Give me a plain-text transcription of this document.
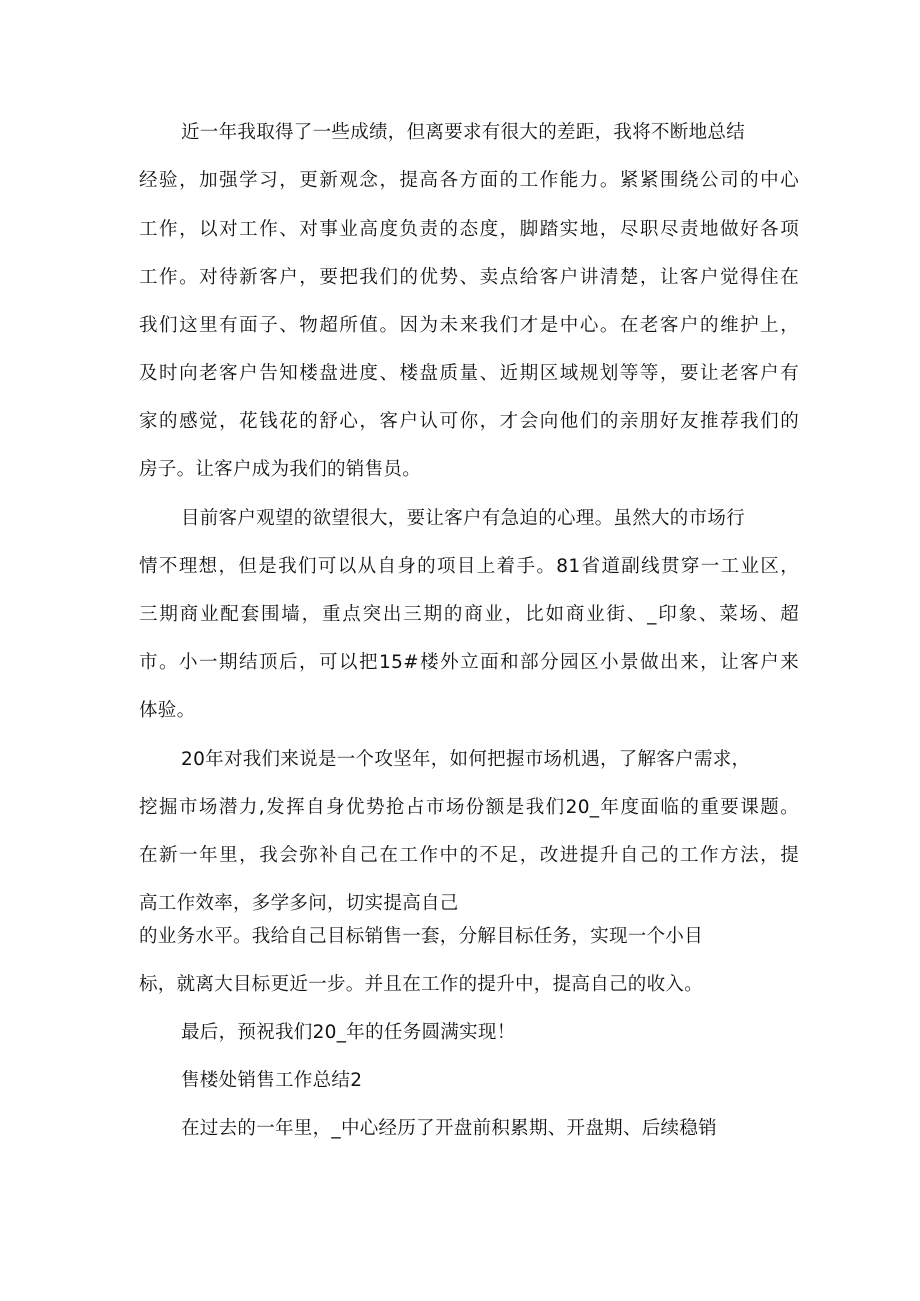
近一年我取得了一些成绩，但离要求有很大的差距，我将不断地总结
经验，加强学习，更新观念，提高各方面的工作能力。紧紧围绕公司的中心
工作，以对工作、对事业高度负责的态度，脚踏实地，尽职尽责地做好各项
工作。对待新客户，要把我们的优势、卖点给客户讲清楚，让客户觉得住在
我们这里有面子、物超所值。因为未来我们才是中心。在老客户的维护上，
及时向老客户告知楼盘进度、楼盘质量、近期区域规划等等，要让老客户有
家的感觉，花钱花的舒心，客户认可你，才会向他们的亲朋好友推荐我们的
房子。让客户成为我们的销售员。
目前客户观望的欲望很大，要让客户有急迫的心理。虽然大的市场行
情不理想，但是我们可以从自身的项目上着手。81省道副线贯穿一工业区，
三期商业配套围墙，重点突出三期的商业，比如商业街、_印象、菜场、超
市。小一期结顶后，可以把15#楼外立面和部分园区小景做出来，让客户来
体验。
20年对我们来说是一个攻坚年，如何把握市场机遇，了解客户需求，
挖掘市场潜力,发挥自身优势抢占市场份额是我们20_年度面临的重要课题。
在新一年里，我会弥补自己在工作中的不足，改进提升自己的工作方法，提
高工作效率，多学多问，切实提高自己
的业务水平。我给自己目标销售一套，分解目标任务，实现一个小目
标，就离大目标更近一步。并且在工作的提升中，提高自己的收入。
最后，预祝我们20_年的任务圆满实现！
售楼处销售工作总结2
在过去的一年里，_中心经历了开盘前积累期、开盘期、后续稳销
